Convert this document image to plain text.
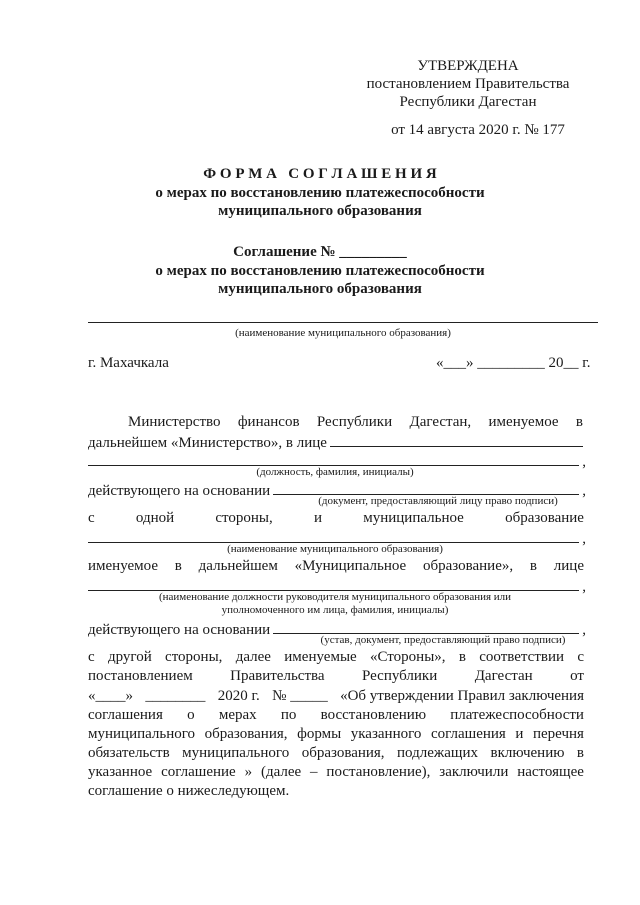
УТВЕРЖДЕНА
постановлением Правительства
Республики Дагестан
от 14 августа 2020 г. № 177
Ф О Р М А   С О Г Л А Ш Е Н И Я
о мерах по восстановлению платежеспособности
муниципального образования
Соглашение № _________
о мерах по восстановлению платежеспособности
муниципального образования
(наименование муниципального образования)
г. Махачкала	«___» _________ 20__ г.
Министерство финансов Республики Дагестан, именуемое в
дальнейшем «Министерство», в лице
,
(должность, фамилия, инициалы)
действующего на основании	,
(документ, предоставляющий лицу право подписи)
с	одной	стороны,	и	муниципальное	образование
,
(наименование муниципального образования)
именуемое в дальнейшем «Муниципальное образование», в лице
,
(наименование должности руководителя муниципального образования или
уполномоченного им лица, фамилия, инициалы)
действующего на основании	,
(устав, документ, предоставляющий право подписи)
с другой стороны, далее именуемые «Стороны», в соответствии с
постановлением Правительства Республики Дагестан от
«____» ________ 2020 г. № _____ «Об утверждении Правил заключения
соглашения о мерах по восстановлению платежеспособности
муниципального образования, формы указанного соглашения и перечня
обязательств муниципального образования, подлежащих включению в
указанное соглашение » (далее – постановление), заключили настоящее
соглашение о нижеследующем.
